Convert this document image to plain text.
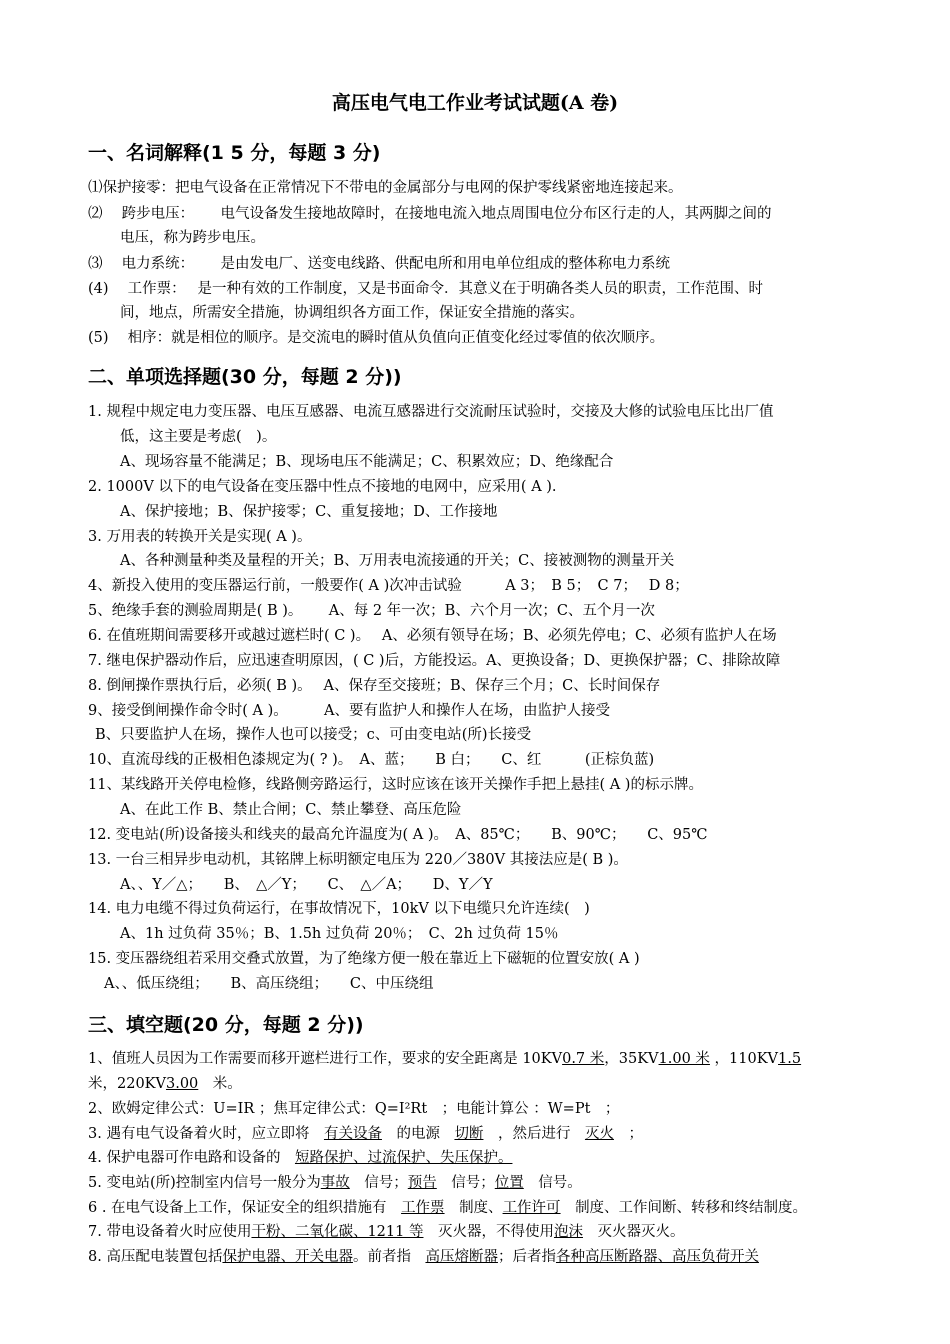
高压电气电工作业考试试题(A 卷)
一、名词解释(1 5 分，每题 3 分)
⑴保护接零：把电气设备在正常情况下不带电的金属部分与电网的保护零线紧密地连接起来。
⑵　 跨步电压：　　 电气设备发生接地故障时，在接地电流入地点周围电位分布区行走的人，其两脚之间的
电压，称为跨步电压。
⑶　 电力系统：　　 是由发电厂、送变电线路、供配电所和用电单位组成的整体称电力系统
(4)　 工作票：　 是一种有效的工作制度，又是书面命令．其意义在于明确各类人员的职责，工作范围、时
间，地点，所需安全措施，协调组织各方面工作，保证安全措施的落实。
(5)　 相序：就是相位的顺序。是交流电的瞬时值从负值向正值变化经过零值的依次顺序。
二、单项选择题(30 分，每题 2 分))
1. 规程中规定电力变压器、电压互感器、电流互感器进行交流耐压试验时，交接及大修的试验电压比出厂值
低，这主要是考虑(　)。
A、现场容量不能满足；B、现场电压不能满足；C、积累效应；D、绝缘配合
2. 1000V 以下的电气设备在变压器中性点不接地的电网中，应采用( A ).
A、保护接地；B、保护接零；C、重复接地；D、工作接地
3. 万用表的转换开关是实现( A )。
A、各种测量种类及量程的开关；B、万用表电流接通的开关；C、接被测物的测量开关
4、新投入使用的变压器运行前，一般要作( A )次冲击试验　　　A 3；　B 5；　C 7；　 D 8；
5、绝缘手套的测验周期是( B )。　　 A、每 2 年一次；B、六个月一次；C、五个月一次
6. 在值班期间需要移开或越过遮栏时( C )。　 A、必须有领导在场；B、必须先停电；C、必须有监护人在场
7. 继电保护器动作后，应迅速查明原因，( C )后，方能投运。A、更换设备；D、更换保护器；C、排除故障
8. 倒闸操作票执行后，必须( B )。　 A、保存至交接班；B、保存三个月；C、长时间保存
9、接受倒闸操作命令时( A )。　　　A、要有监护人和操作人在场，由监护人接受
B、只要监护人在场，操作人也可以接受；c、可由变电站(所)长接受
10、直流母线的正极相色漆规定为( ? )。　A、蓝；　　B 白；　　C、红　　　(正棕负蓝)
11、某线路开关停电检修，线路侧旁路运行，这时应该在该开关操作手把上悬挂( A )的标示牌。
A、在此工作 B、禁止合闸；C、禁止攀登、高压危险
12. 变电站(所)设备接头和线夹的最高允许温度为( A )。　A、85℃；　　B、90℃；　　C、95℃
13. 一台三相异步电动机，其铭牌上标明额定电压为 220／380V 其接法应是( B )。
A、、Y／△；　　B、　△／Y；　　C、　△／A；　　D、Y／Y
14. 电力电缆不得过负荷运行，在事故情况下，10kV 以下电缆只允许连续(　)
A、1h 过负荷 35％；B、1.5h 过负荷 20％；　C、2h 过负荷 15％
15. 变压器绕组若采用交叠式放置，为了绝缘方便一般在靠近上下磁轭的位置安放( A )
A、、低压绕组；　　B、高压绕组；　　C、中压绕组
三、填空题(20 分，每题 2 分))
1、值班人员因为工作需要而移开遮栏进行工作，要求的安全距离是 10KV0.7 米，35KV1.00 米 ，110KV1.5
米，220KV3.00　 米。
2、欧姆定律公式：U=IR ；焦耳定律公式：Q=I²Rt　；电能计算公 ：W=Pt　；
3. 遇有电气设备着火时，应立即将　 有关设备　 的电源　 切断　 ，然后进行　 灭火　 ；
4. 保护电器可作电路和设备的　 短路保护、过流保护、失压保护。
5. 变电站(所)控制室内信号一般分为事故　 信号；预告　 信号；位置　 信号。
6 . 在电气设备上工作，保证安全的组织措施有　 工作票　 制度、工作许可　 制度、工作间断、转移和终结制度。
7. 带电设备着火时应使用干粉、二氧化碳、1211 等　 灭火器，不得使用泡沫　 灭火器灭火。
8. 高压配电装置包括保护电器、开关电器。前者指　 高压熔断器；后者指各种高压断路器、高压负荷开关
